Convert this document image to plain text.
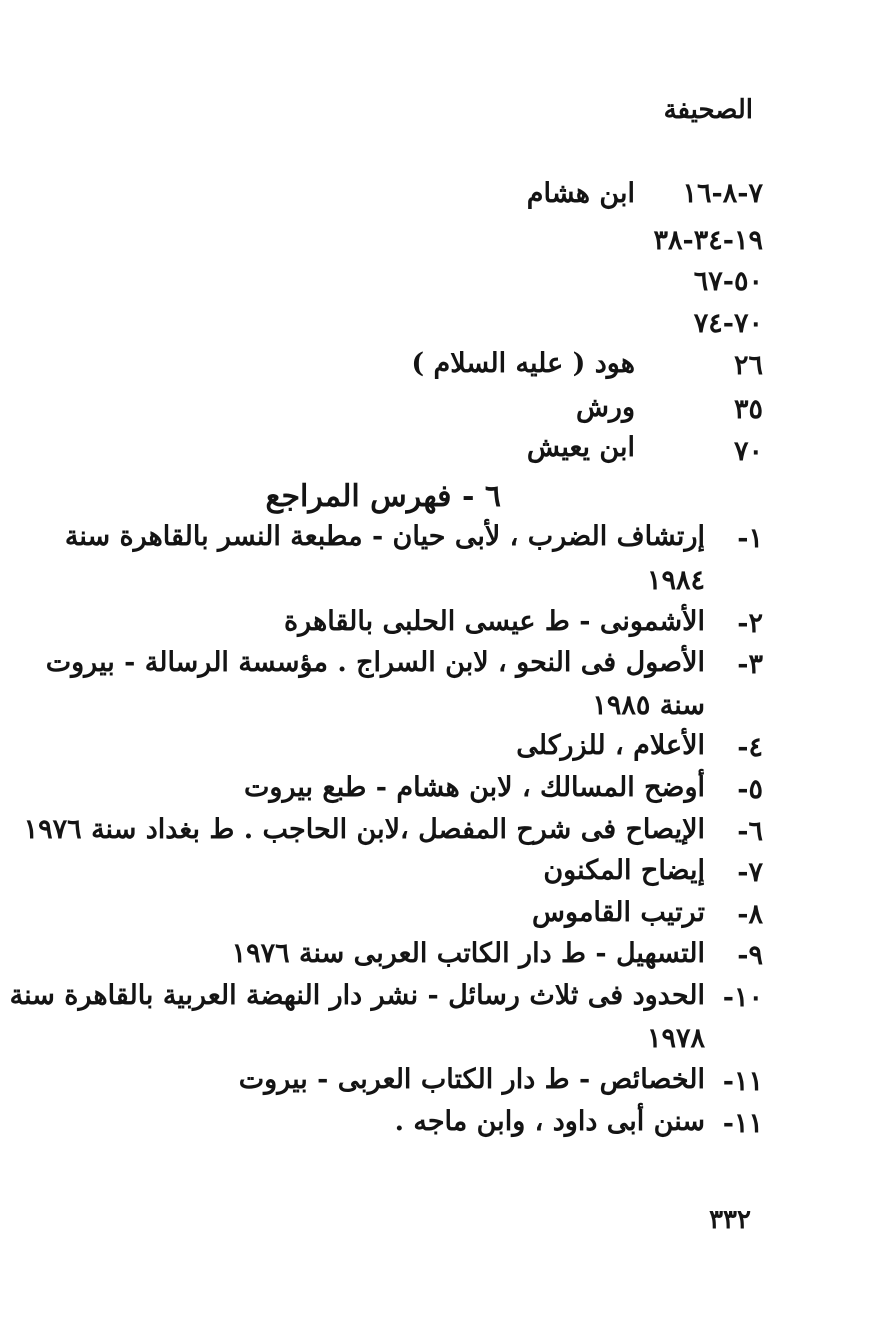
الصحيفة
٧-٨-١٦
ابن هشام
١٩-٣٤-٣٨
٥٠-٦٧
٧٠-٧٤
٢٦
هود ( عليه السلام )
٣٥
ورش
٧٠
ابن يعيش
٦ - فهرس المراجع
١-
إرتشاف الضرب ، لأبى حيان - مطبعة النسر بالقاهرة سنة
١٩٨٤
٢-
الأشمونى - ط عيسى الحلبى بالقاهرة
٣-
الأصول فى النحو ، لابن السراج . مؤسسة الرسالة - بيروت
سنة ١٩٨٥
٤-
الأعلام ، للزركلى
٥-
أوضح المسالك ، لابن هشام - طبع بيروت
٦-
الإيصاح فى شرح المفصل ،لابن الحاجب . ط بغداد سنة ١٩٧٦
٧-
إيضاح المكنون
٨-
ترتيب القاموس
٩-
التسهيل - ط دار الكاتب العربى سنة ١٩٧٦
١٠-
الحدود فى ثلاث رسائل - نشر دار النهضة العربية بالقاهرة سنة
١٩٧٨
١١-
الخصائص - ط دار الكتاب العربى - بيروت
١١-
سنن أبى داود ، وابن ماجه .
٣٣٢
